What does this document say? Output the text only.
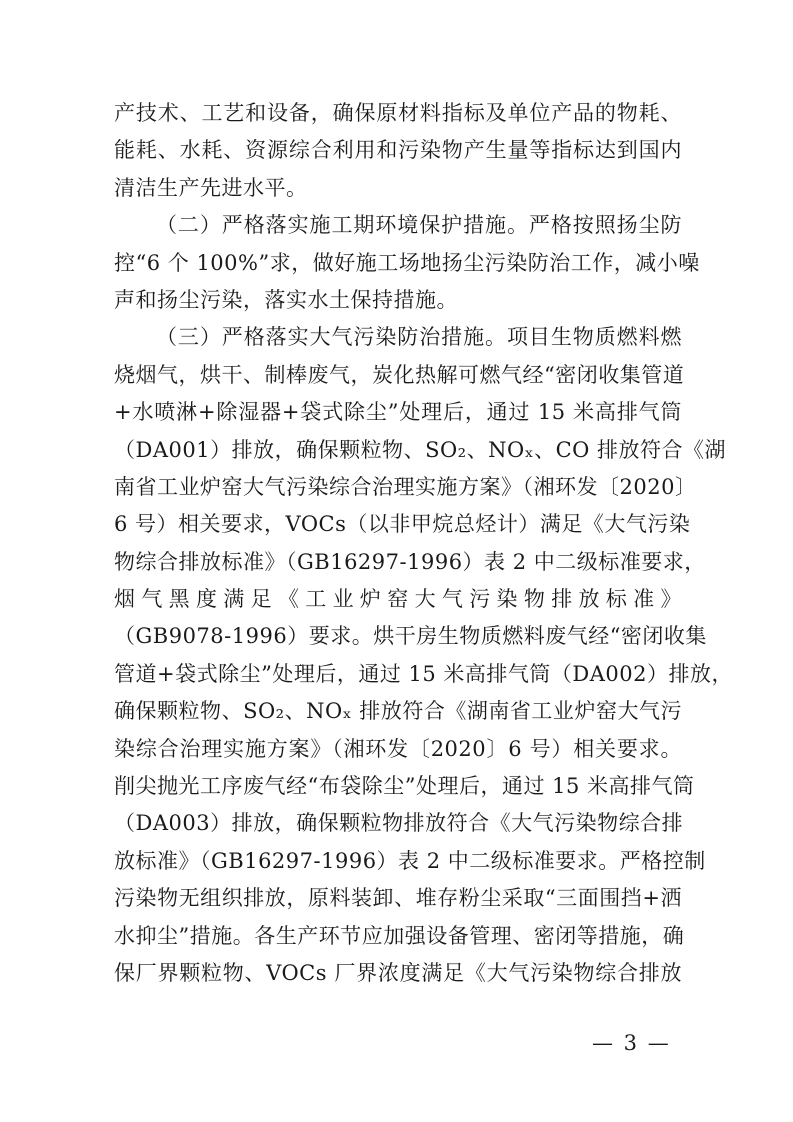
产技术、工艺和设备，确保原材料指标及单位产品的物耗、
能耗、水耗、资源综合利用和污染物产生量等指标达到国内
清洁生产先进水平。
（二）严格落实施工期环境保护措施。严格按照扬尘防
控“6 个 100%”求，做好施工场地扬尘污染防治工作，减小噪
声和扬尘污染，落实水土保持措施。
（三）严格落实大气污染防治措施。项目生物质燃料燃
烧烟气，烘干、制棒废气，炭化热解可燃气经“密闭收集管道
+水喷淋+除湿器+袋式除尘”处理后，通过 15 米高排气筒
（DA001）排放，确保颗粒物、SO₂、NOₓ、CO 排放符合《湖
南省工业炉窑大气污染综合治理实施方案》（湘环发〔2020〕
6 号）相关要求，VOCs（以非甲烷总烃计）满足《大气污染
物综合排放标准》（GB16297-1996）表 2 中二级标准要求，
烟气黑度满足《工业炉窑大气污染物排放标准》
（GB9078-1996）要求。烘干房生物质燃料废气经“密闭收集
管道+袋式除尘”处理后，通过 15 米高排气筒（DA002）排放，
确保颗粒物、SO₂、NOₓ 排放符合《湖南省工业炉窑大气污
染综合治理实施方案》（湘环发〔2020〕6 号）相关要求。
削尖抛光工序废气经“布袋除尘”处理后，通过 15 米高排气筒
（DA003）排放，确保颗粒物排放符合《大气污染物综合排
放标准》（GB16297-1996）表 2 中二级标准要求。严格控制
污染物无组织排放，原料装卸、堆存粉尘采取“三面围挡+洒
水抑尘”措施。各生产环节应加强设备管理、密闭等措施，确
保厂界颗粒物、VOCs 厂界浓度满足《大气污染物综合排放
— 3 —
